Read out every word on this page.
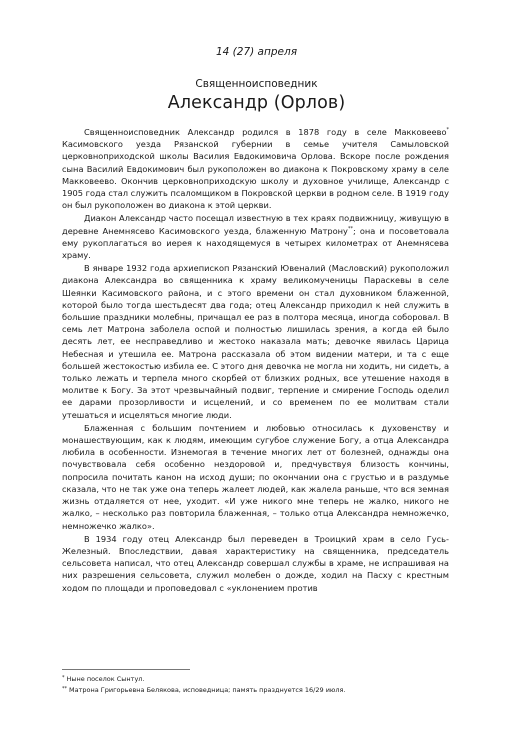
14 (27) апреля
Священноисповедник
Александр (Орлов)

Священноисповедник Александр родился в 1878 году в селе Макковеево* Касимовского уезда Рязанской губернии в семье учителя Самыловской церковноприходской школы Василия Евдокимовича Орлова. Вскоре после рождения сына Василий Евдокимович был рукоположен во диакона к Покровскому храму в селе Макковеево. Окончив церковноприходскую школу и духовное училище, Александр с 1905 года стал служить псаломщиком в Покровской церкви в родном селе. В 1919 году он был рукоположен во диакона к этой церкви.

Диакон Александр часто посещал известную в тех краях подвижницу, живущую в деревне Анемнясево Касимовского уезда, блаженную Матрону**; она и посоветовала ему рукоплагаться во иерея к находящемуся в четырех километрах от Анемнясева храму.

В январе 1932 года архиепископ Рязанский Ювеналий (Масловский) рукоположил диакона Александра во священника к храму великомученицы Параскевы в селе Шеянки Касимовского района, и с этого времени он стал духовником блаженной, которой было тогда шестьдесят два года; отец Александр приходил к ней служить в большие праздники молебны, причащал ее раз в полтора месяца, иногда соборовал. В семь лет Матрона заболела оспой и полностью лишилась зрения, а когда ей было десять лет, ее несправедливо и жестоко наказала мать; девочке явилась Царица Небесная и утешила ее. Матрона рассказала об этом видении матери, и та с еще большей жестокостью избила ее. С этого дня девочка не могла ни ходить, ни сидеть, а только лежать и терпела много скорбей от близких родных, все утешение находя в молитве к Богу. За этот чрезвычайный подвиг, терпение и смирение Господь оделил ее дарами прозорливости и исцелений, и со временем по ее молитвам стали утешаться и исцеляться многие люди.

Блаженная с большим почтением и любовью относилась к духовенству и монашествующим, как к людям, имеющим сугубое служение Богу, а отца Александра любила в особенности. Изнемогая в течение многих лет от болезней, однажды она почувствовала себя особенно нездоровой и, предчувствуя близость кончины, попросила почитать канон на исход души; по окончании она с грустью и в раздумье сказала, что не так уже она теперь жалеет людей, как жалела раньше, что вся земная жизнь отдаляется от нее, уходит. «И уже никого мне теперь не жалко, никого не жалко, – несколько раз повторила блаженная, – только отца Александра немножечко, немножечко жалко».

В 1934 году отец Александр был переведен в Троицкий храм в село Гусь-Железный. Впоследствии, давая характеристику на священника, председатель сельсовета написал, что отец Александр совершал службы в храме, не испрашивая на них разрешения сельсовета, служил молебен о дожде, ходил на Пасху с крестным ходом по площади и проповедовал с «уклонением против

* Ныне поселок Сынтул.
** Матрона Григорьевна Белякова, исповедница; память празднуется 16/29 июля.
